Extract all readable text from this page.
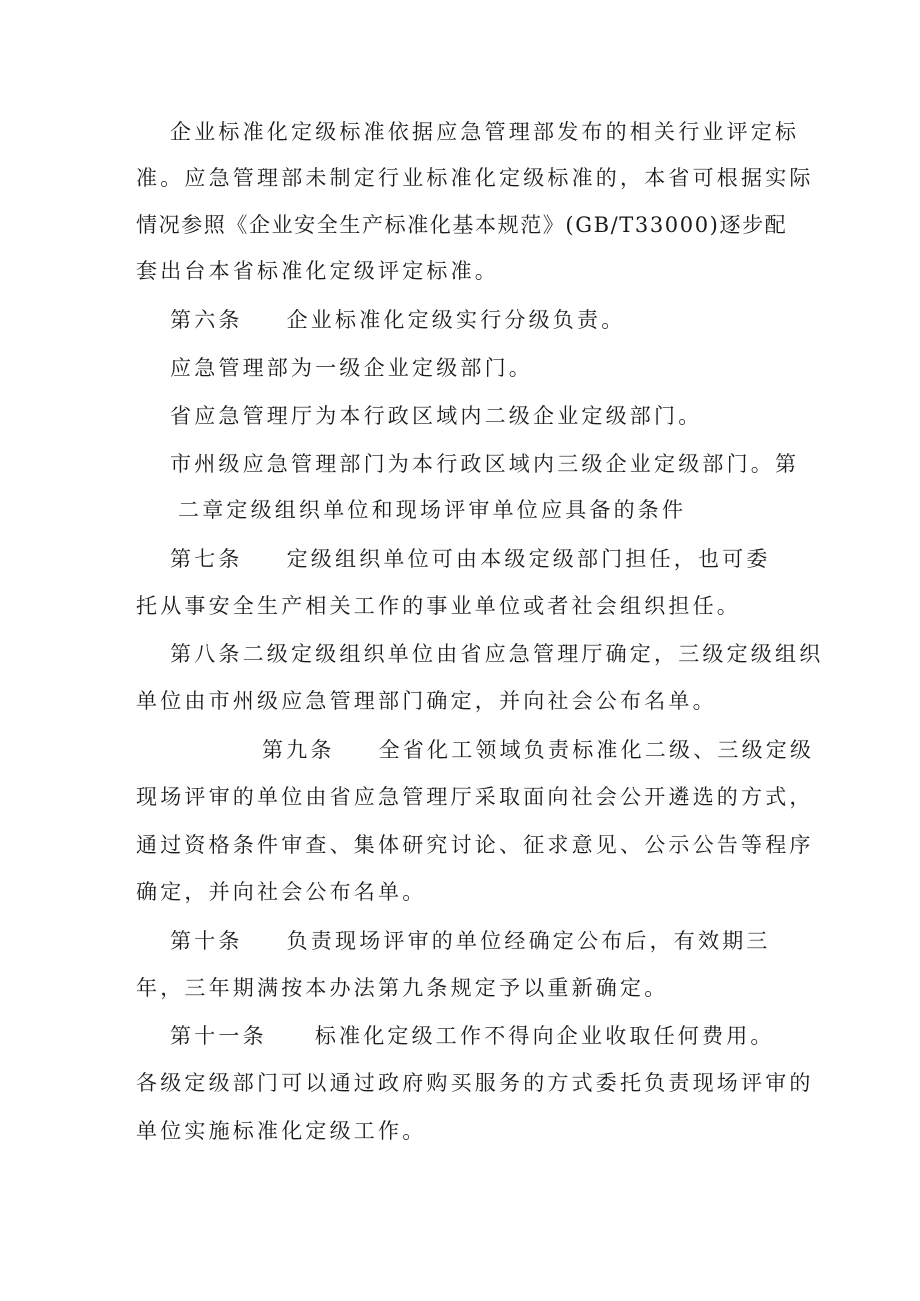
企业标准化定级标准依据应急管理部发布的相关行业评定标

准。应急管理部未制定行业标准化定级标准的，本省可根据实际

情况参照《企业安全生产标准化基本规范》(GB/T33000)逐步配

套出台本省标准化定级评定标准。

第六条 企业标准化定级实行分级负责。

应急管理部为一级企业定级部门。

省应急管理厅为本行政区域内二级企业定级部门。

市州级应急管理部门为本行政区域内三级企业定级部门。第

二章定级组织单位和现场评审单位应具备的条件

第七条 定级组织单位可由本级定级部门担任，也可委

托从事安全生产相关工作的事业单位或者社会组织担任。

第八条二级定级组织单位由省应急管理厅确定，三级定级组织

单位由市州级应急管理部门确定，并向社会公布名单。

第九条 全省化工领域负责标准化二级、三级定级

现场评审的单位由省应急管理厅采取面向社会公开遴选的方式，

通过资格条件审查、集体研究讨论、征求意见、公示公告等程序

确定，并向社会公布名单。

第十条 负责现场评审的单位经确定公布后，有效期三

年，三年期满按本办法第九条规定予以重新确定。

第十一条 标准化定级工作不得向企业收取任何费用。

各级定级部门可以通过政府购买服务的方式委托负责现场评审的

单位实施标准化定级工作。
